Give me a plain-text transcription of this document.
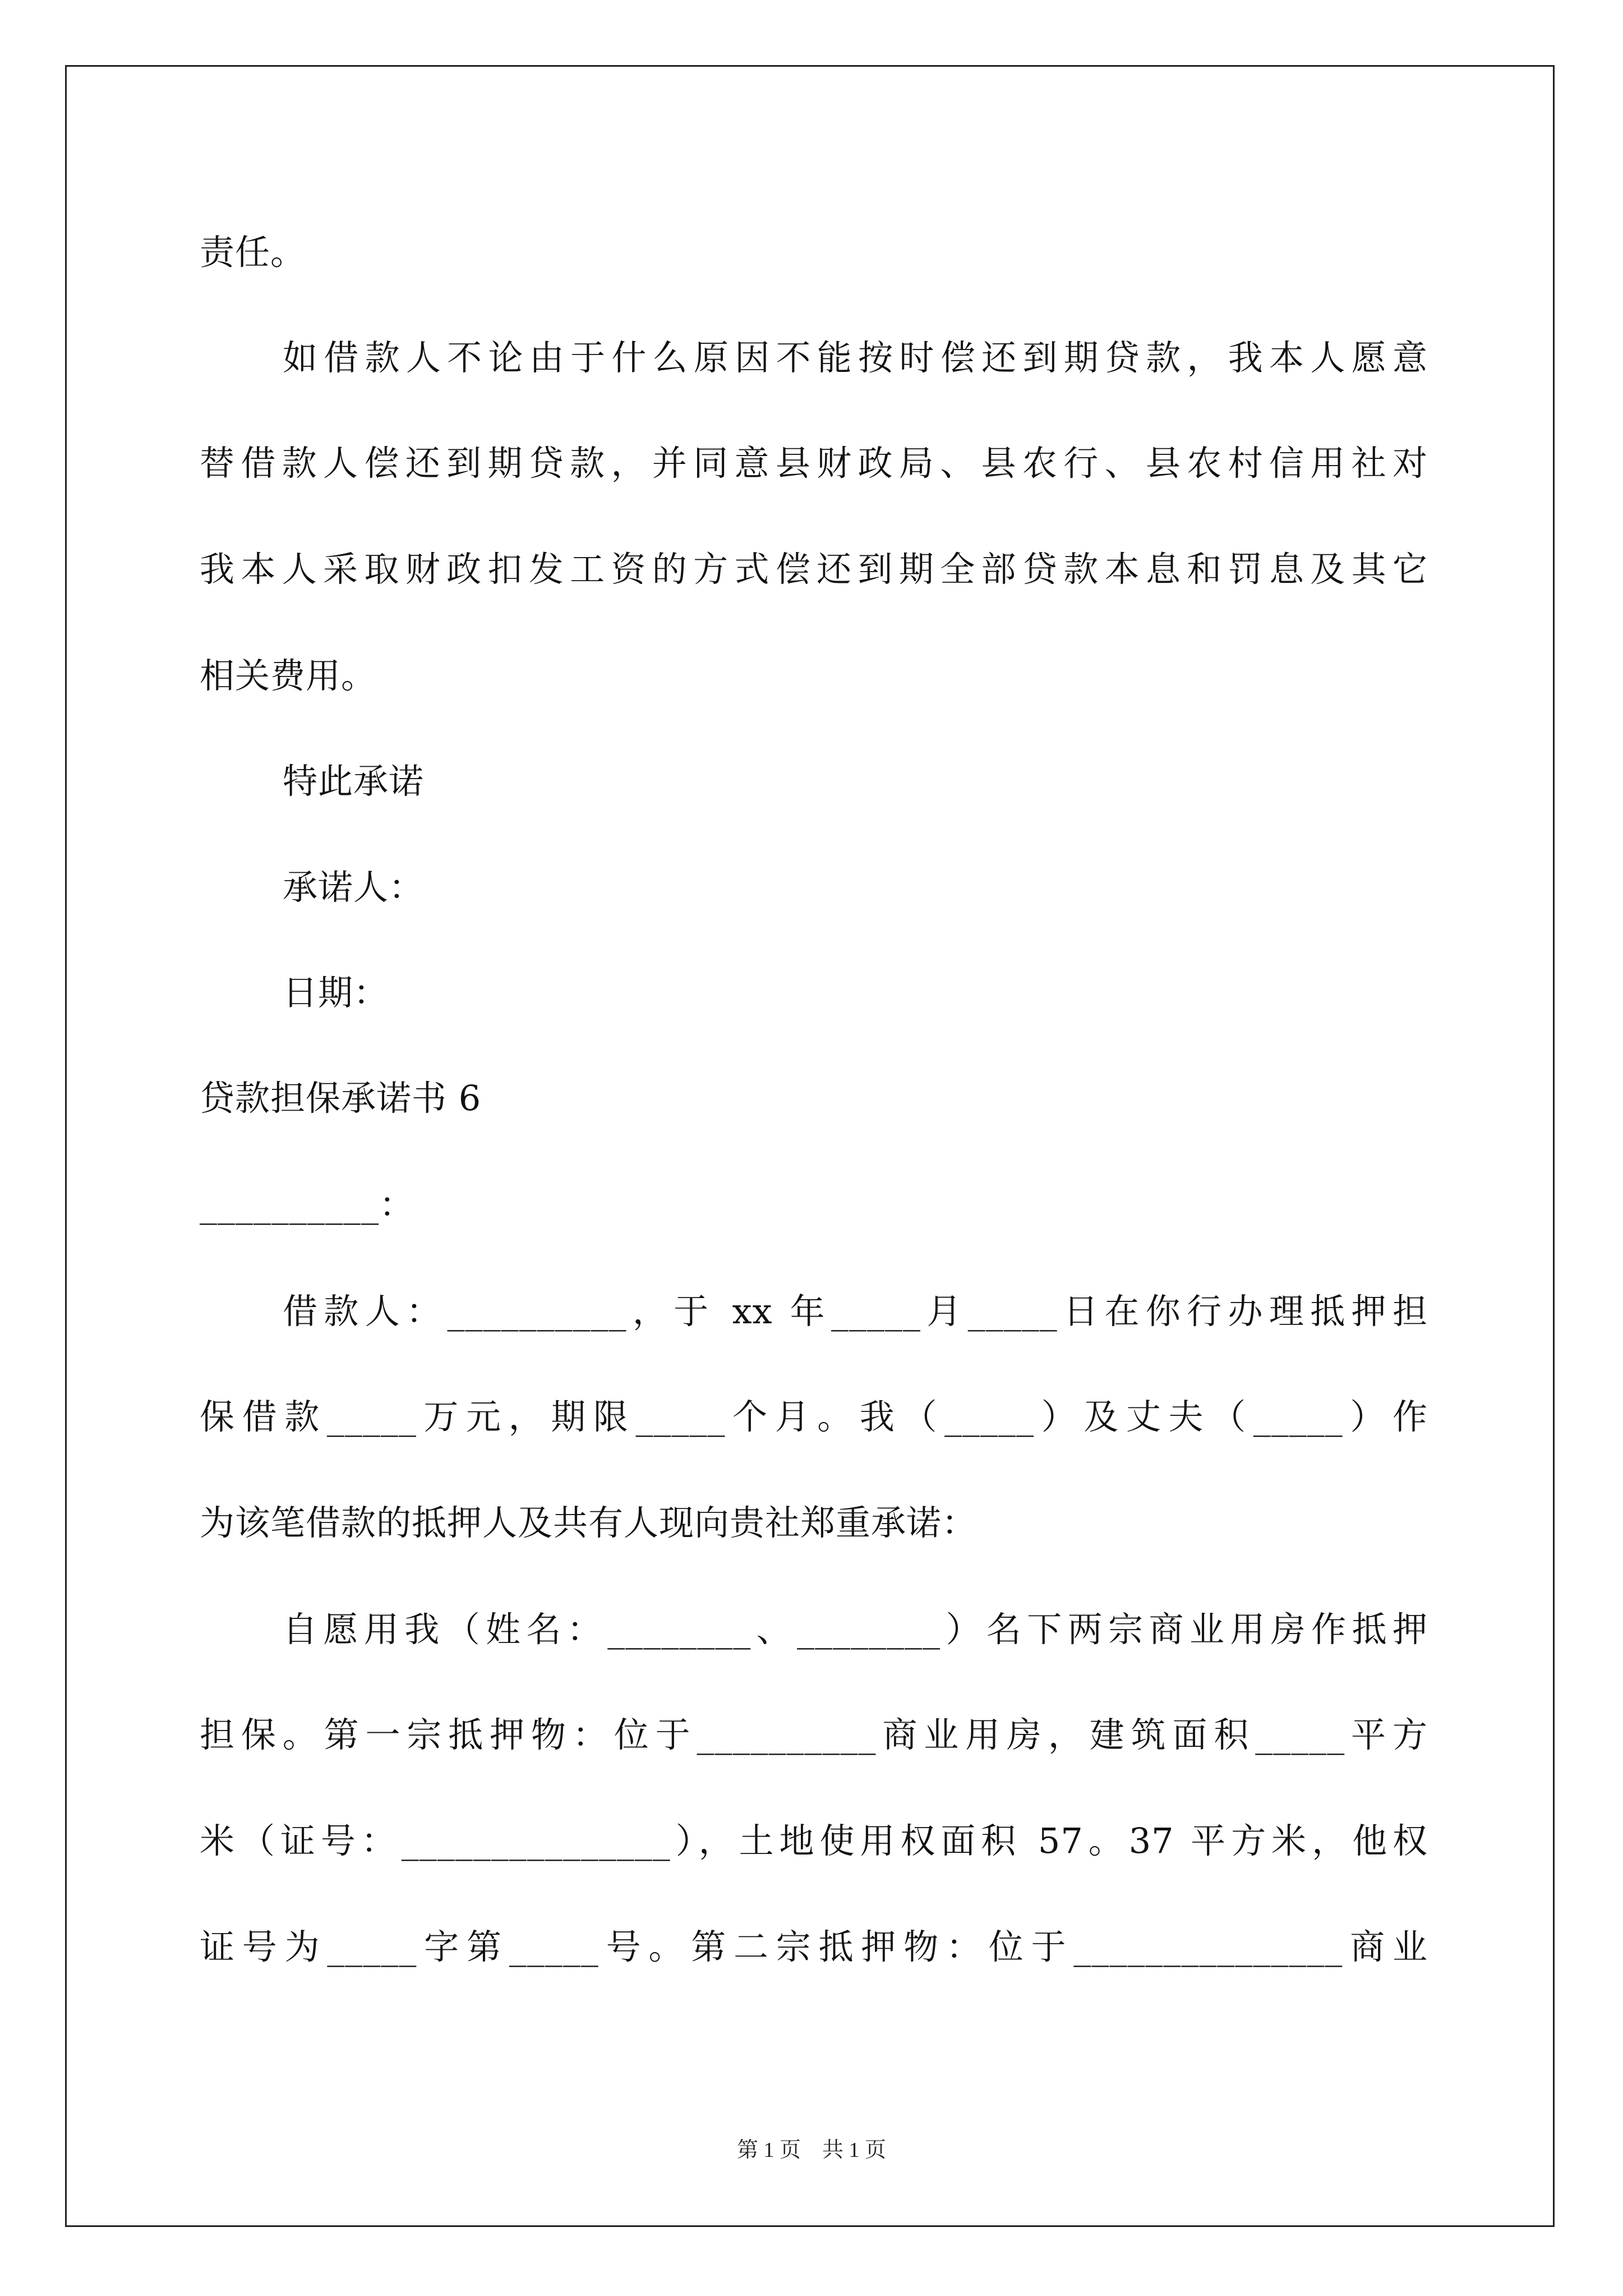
责任。
如借款人不论由于什么原因不能按时偿还到期贷款，我本人愿意
替借款人偿还到期贷款，并同意县财政局、县农行、县农村信用社对
我本人采取财政扣发工资的方式偿还到期全部贷款本息和罚息及其它
相关费用。
特此承诺
承诺人：
日期：
贷款担保承诺书 6
__________：
借款人：__________，于 xx 年_____月_____日在你行办理抵押担
保借款_____万元，期限_____个月。我（_____）及丈夫（_____）作
为该笔借款的抵押人及共有人现向贵社郑重承诺：
自愿用我（姓名：________、________）名下两宗商业用房作抵押
担保。第一宗抵押物：位于__________商业用房，建筑面积_____平方
米（证号：_______________），土地使用权面积 57。37 平方米，他权
证号为_____字第_____号。第二宗抵押物：位于_______________商业
第 1 页　共 1 页
